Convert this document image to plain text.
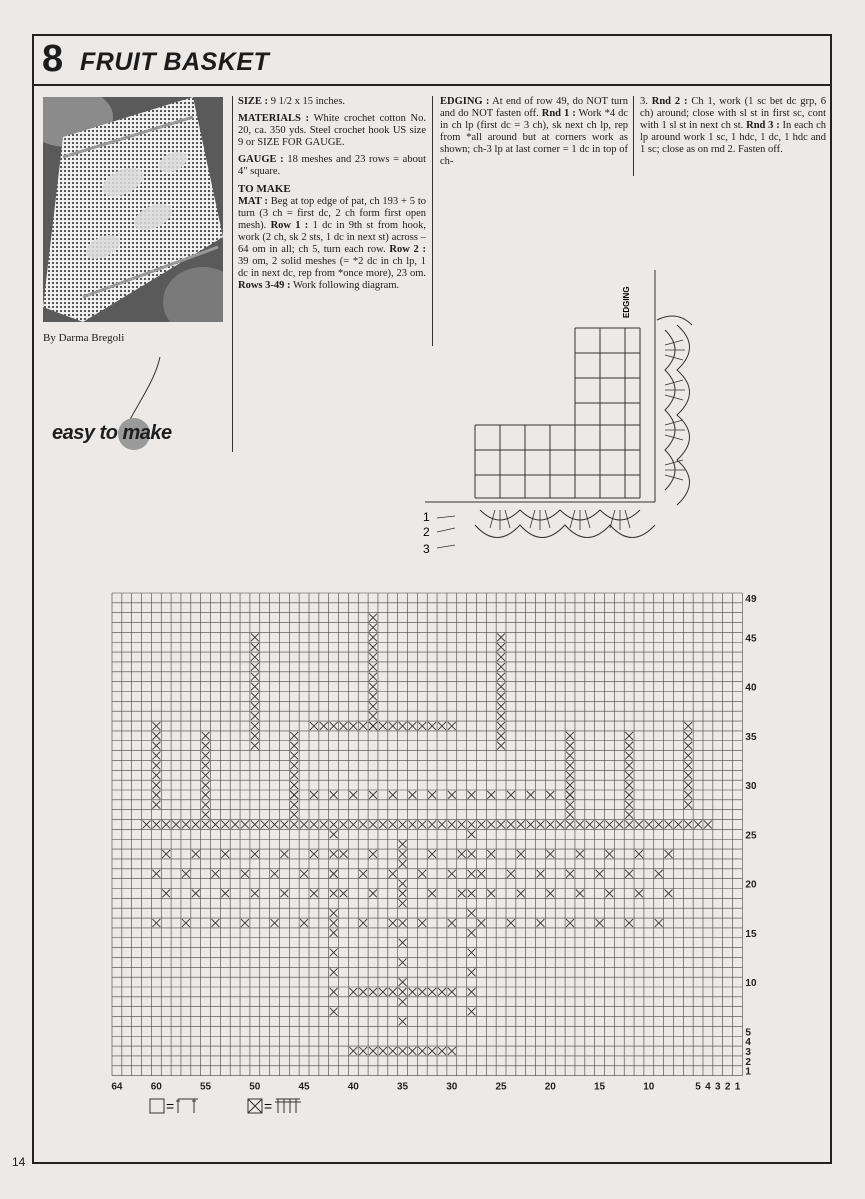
8 FRUIT BASKET
By Darma Bregoli
easy to make

SIZE : 9 1/2 x 15 inches.

MATERIALS : White crochet cotton No. 20, ca. 350 yds. Steel crochet hook US size 9 or SIZE FOR GAUGE.

GAUGE : 18 meshes and 23 rows = about 4" square.

TO MAKE

MAT : Beg at top edge of pat, ch 193 + 5 to turn (3 ch = first dc, 2 ch form first open mesh). Row 1 : 1 dc in 9th st from hook, work (2 ch, sk 2 sts, 1 dc in next st) across – 64 om in all; ch 5, turn each row. Row 2 : 39 om, 2 solid meshes (= *2 dc in ch lp, 1 dc in next dc, rep from *once more), 23 om. Rows 3-49 : Work following diagram.

EDGING : At end of row 49, do NOT turn and do NOT fasten off. Rnd 1 : Work *4 dc in ch lp (first dc = 3 ch), sk next ch lp, rep from *all around but at corners work as shown; ch-3 lp at last corner = 1 dc in top of ch-

3. Rnd 2 : Ch 1, work (1 sc bet dc grp, 6 ch) around; close with sl st in first sc, cont with 1 sl st in next ch st. Rnd 3 : In each ch lp around work 1 sc, 1 hdc, 1 dc, 1 hdc and 1 sc; close as on rnd 2. Fasten off.

EDGING
1
2
3
64	60	55	50	45	40	35	30	25	20	15	10	5 4 3 2 1
49
45
40
35
30
25
20
15
10
5
4
3
2
1
=	=
14
